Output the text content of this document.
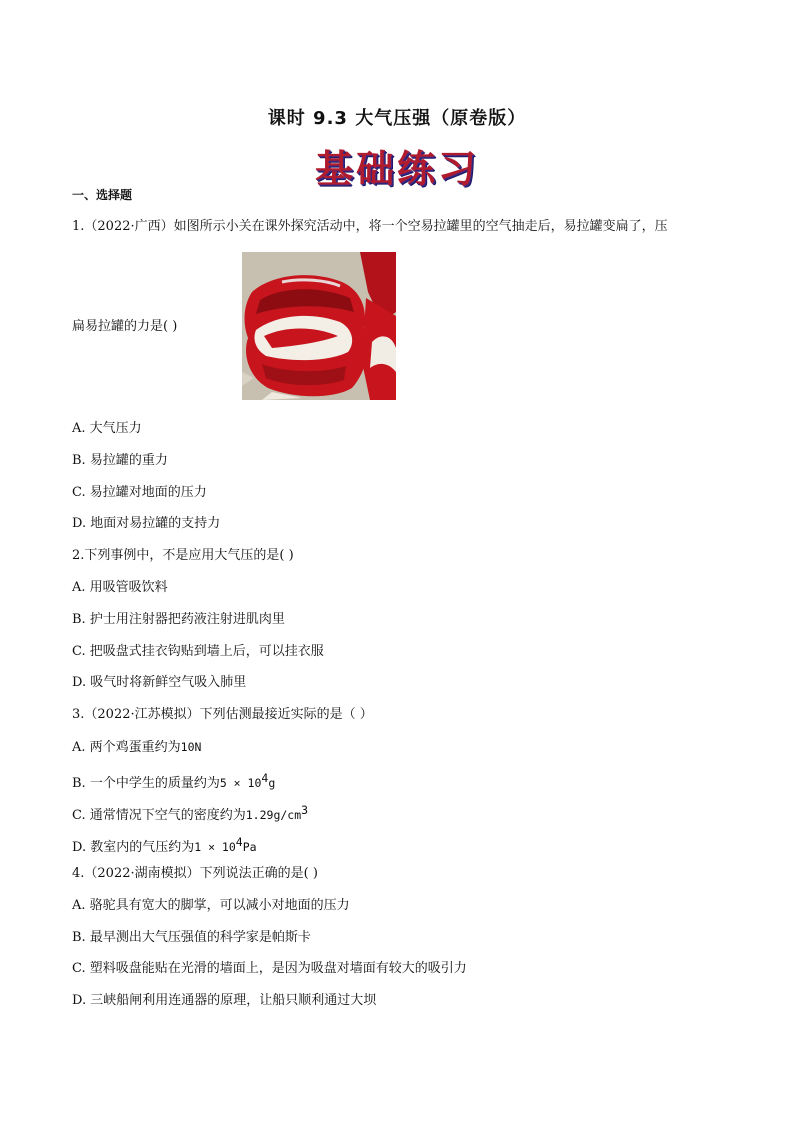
课时 9.3 大气压强（原卷版）
基础练习
一、选择题
1.（2022·广西）如图所示小关在课外探究活动中，将一个空易拉罐里的空气抽走后，易拉罐变扁了，压
扁易拉罐的力是( )
A. 大气压力
B. 易拉罐的重力
C. 易拉罐对地面的压力
D. 地面对易拉罐的支持力
2.下列事例中，不是应用大气压的是( )
A. 用吸管吸饮料
B. 护士用注射器把药液注射进肌肉里
C. 把吸盘式挂衣钩贴到墙上后，可以挂衣服
D. 吸气时将新鲜空气吸入肺里
3.（2022·江苏模拟）下列估测最接近实际的是（ ）
A. 两个鸡蛋重约为10N
B. 一个中学生的质量约为$5 \times 10^4g$
C. 通常情况下空气的密度约为$1.29g/cm^3$
D. 教室内的气压约为$1 \times 10^4Pa$
4.（2022·湖南模拟）下列说法正确的是( )
A. 骆驼具有宽大的脚掌，可以减小对地面的压力
B. 最早测出大气压强值的科学家是帕斯卡
C. 塑料吸盘能贴在光滑的墙面上，是因为吸盘对墙面有较大的吸引力
D. 三峡船闸利用连通器的原理，让船只顺利通过大坝
